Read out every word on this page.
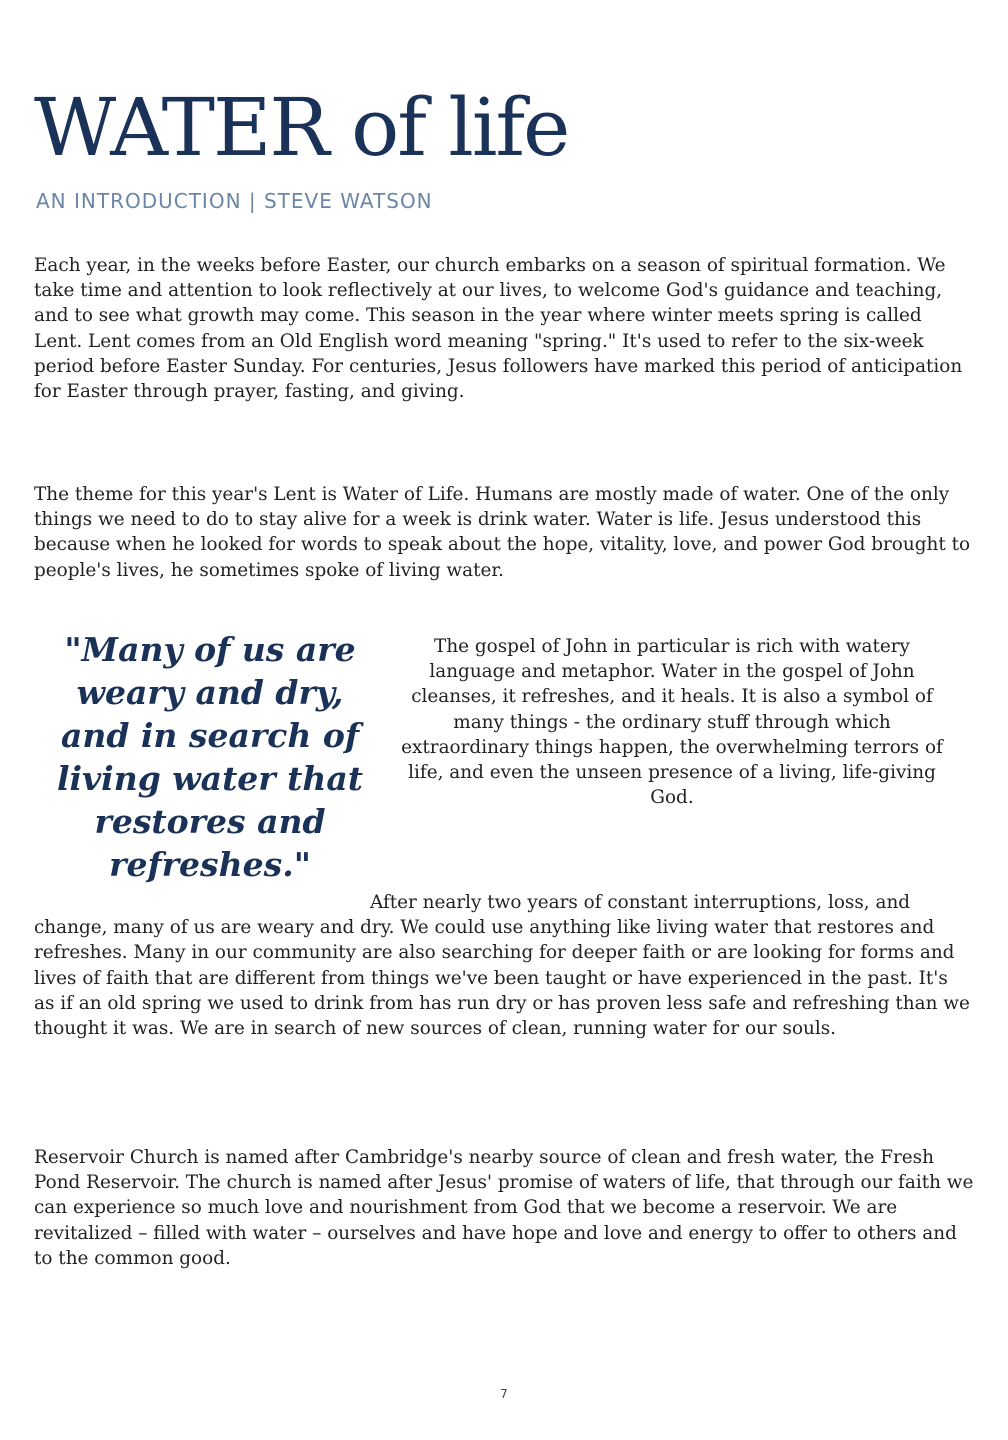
WATER of life

AN INTRODUCTION | STEVE WATSON

Each year, in the weeks before Easter, our church embarks on a season of spiritual formation. We take time and attention to look reflectively at our lives, to welcome God's guidance and teaching, and to see what growth may come. This season in the year where winter meets spring is called Lent. Lent comes from an Old English word meaning "spring." It's used to refer to the six-week period before Easter Sunday. For centuries, Jesus followers have marked this period of anticipation for Easter through prayer, fasting, and giving.

The theme for this year's Lent is Water of Life. Humans are mostly made of water. One of the only things we need to do to stay alive for a week is drink water. Water is life. Jesus understood this because when he looked for words to speak about the hope, vitality, love, and power God brought to people's lives, he sometimes spoke of living water.

"Many of us are weary and dry, and in search of living water that restores and refreshes."

The gospel of John in particular is rich with watery language and metaphor. Water in the gospel of John cleanses, it refreshes, and it heals. It is also a symbol of many things - the ordinary stuff through which extraordinary things happen, the overwhelming terrors of life, and even the unseen presence of a living, life-giving God.

After nearly two years of constant interruptions, loss, and change, many of us are weary and dry. We could use anything like living water that restores and refreshes. Many in our community are also searching for deeper faith or are looking for forms and lives of faith that are different from things we've been taught or have experienced in the past. It's as if an old spring we used to drink from has run dry or has proven less safe and refreshing than we thought it was. We are in search of new sources of clean, running water for our souls.

Reservoir Church is named after Cambridge's nearby source of clean and fresh water, the Fresh Pond Reservoir. The church is named after Jesus' promise of waters of life, that through our faith we can experience so much love and nourishment from God that we become a reservoir. We are revitalized – filled with water – ourselves and have hope and love and energy to offer to others and to the common good.

7
